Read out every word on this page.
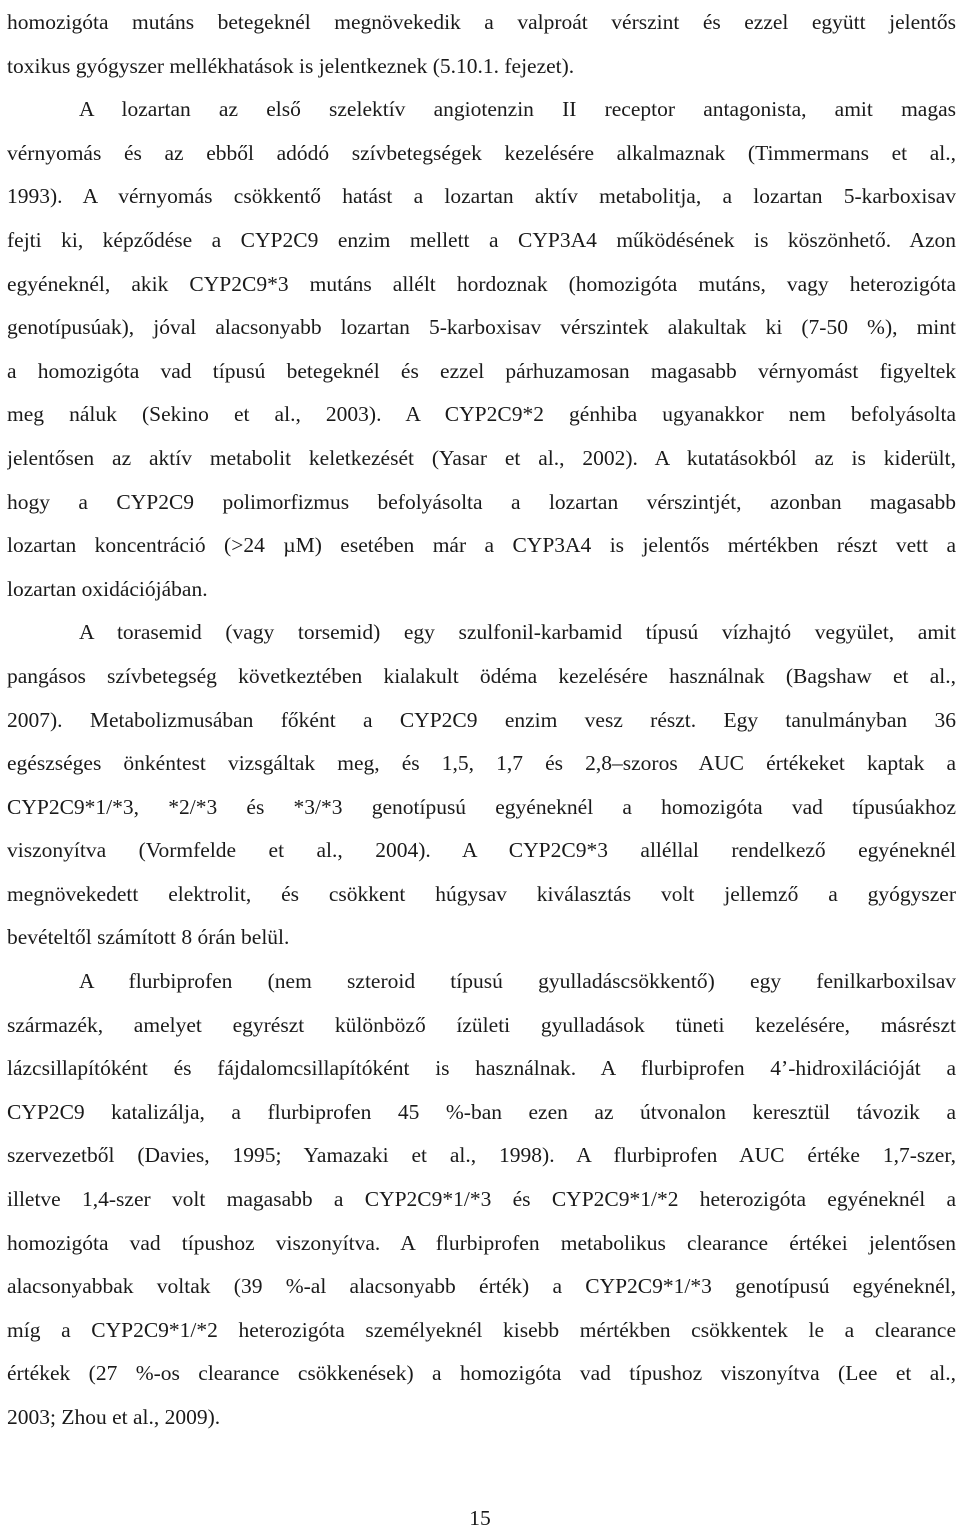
homozigóta mutáns betegeknél megnövekedik a valproát vérszint és ezzel együtt jelentős
toxikus gyógyszer mellékhatások is jelentkeznek (5.10.1. fejezet).
A lozartan az első szelektív angiotenzin II receptor antagonista, amit magas
vérnyomás és az ebből adódó szívbetegségek kezelésére alkalmaznak (Timmermans et al.,
1993). A vérnyomás csökkentő hatást a lozartan aktív metabolitja, a lozartan 5-karboxisav
fejti ki, képződése a CYP2C9 enzim mellett a CYP3A4 működésének is köszönhető. Azon
egyéneknél, akik CYP2C9*3 mutáns allélt hordoznak (homozigóta mutáns, vagy heterozigóta
genotípusúak), jóval alacsonyabb lozartan 5-karboxisav vérszintek alakultak ki (7-50 %), mint
a homozigóta vad típusú betegeknél és ezzel párhuzamosan magasabb vérnyomást figyeltek
meg náluk (Sekino et al., 2003). A CYP2C9*2 génhiba ugyanakkor nem befolyásolta
jelentősen az aktív metabolit keletkezését (Yasar et al., 2002). A kutatásokból az is kiderült,
hogy a CYP2C9 polimorfizmus befolyásolta a lozartan vérszintjét, azonban magasabb
lozartan koncentráció (>24 µM) esetében már a CYP3A4 is jelentős mértékben részt vett a
lozartan oxidációjában.
A torasemid (vagy torsemid) egy szulfonil-karbamid típusú vízhajtó vegyület, amit
pangásos szívbetegség következtében kialakult ödéma kezelésére használnak (Bagshaw et al.,
2007). Metabolizmusában főként a CYP2C9 enzim vesz részt. Egy tanulmányban 36
egészséges önkéntest vizsgáltak meg, és 1,5, 1,7 és 2,8–szoros AUC értékeket kaptak a
CYP2C9*1/*3, *2/*3 és *3/*3 genotípusú egyéneknél a homozigóta vad típusúakhoz
viszonyítva (Vormfelde et al., 2004). A CYP2C9*3 alléllal rendelkező egyéneknél
megnövekedett elektrolit, és csökkent húgysav kiválasztás volt jellemző a gyógyszer
bevételtől számított 8 órán belül.
A flurbiprofen (nem szteroid típusú gyulladáscsökkentő) egy fenilkarboxilsav
származék, amelyet egyrészt különböző ízületi gyulladások tüneti kezelésére, másrészt
lázcsillapítóként és fájdalomcsillapítóként is használnak. A flurbiprofen 4’-hidroxilációját a
CYP2C9 katalizálja, a flurbiprofen 45 %-ban ezen az útvonalon keresztül távozik a
szervezetből (Davies, 1995; Yamazaki et al., 1998). A flurbiprofen AUC értéke 1,7-szer,
illetve 1,4-szer volt magasabb a CYP2C9*1/*3 és CYP2C9*1/*2 heterozigóta egyéneknél a
homozigóta vad típushoz viszonyítva. A flurbiprofen metabolikus clearance értékei jelentősen
alacsonyabbak voltak (39 %-al alacsonyabb érték) a CYP2C9*1/*3 genotípusú egyéneknél,
míg a CYP2C9*1/*2 heterozigóta személyeknél kisebb mértékben csökkentek le a clearance
értékek (27 %-os clearance csökkenések) a homozigóta vad típushoz viszonyítva (Lee et al.,
2003; Zhou et al., 2009).
15
